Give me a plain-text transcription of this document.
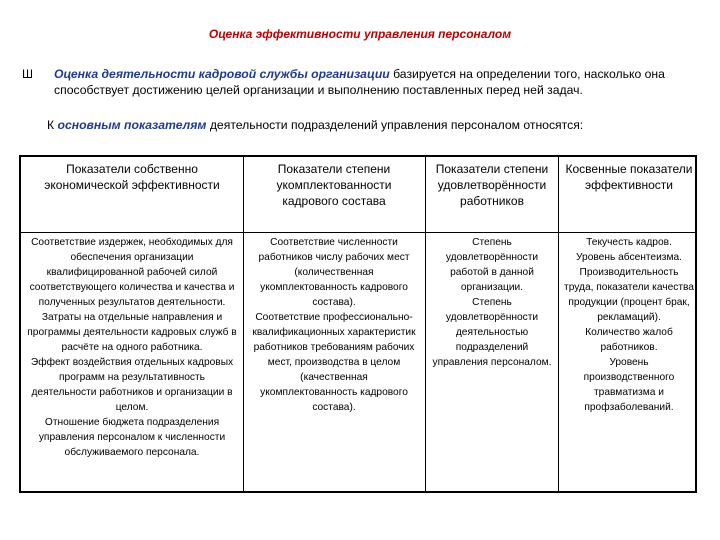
Оценка эффективности управления персоналом
Ш Оценка деятельности кадровой службы организации базируется на определении того, насколько она способствует достижению целей организации и выполнению поставленных перед ней задач.
К основным показателям деятельности подразделений управления персоналом относятся:
Показатели собственно экономической эффективности
Показатели степени укомплектованности кадрового состава
Показатели степени удовлетворённости работников
Косвенные показатели эффективности

Соответствие издержек, необходимых для обеспечения организации квалифицированной рабочей силой соответствующего количества и качества и полученных результатов деятельности.

Затраты на отдельные направления и программы деятельности кадровых служб в расчёте на одного работника.

Эффект воздействия отдельных кадровых программ на результативность деятельности работников и организации в целом.

Отношение бюджета подразделения управления персоналом к численности обслуживаемого персонала.

Соответствие численности работников числу рабочих мест (количественная укомплектованность кадрового состава).

Соответствие профессионально-квалификационных характеристик работников требованиям рабочих мест, производства в целом (качественная укомплектованность кадрового состава).

Степень удовлетворённости работой в данной организации.

Степень удовлетворённости деятельностью подразделений управления персоналом.

Текучесть кадров.

Уровень абсентеизма.

Производительность труда, показатели качества продукции (процент брак, рекламаций).

Количество жалоб работников.

Уровень производственного травматизма и профзаболеваний.
